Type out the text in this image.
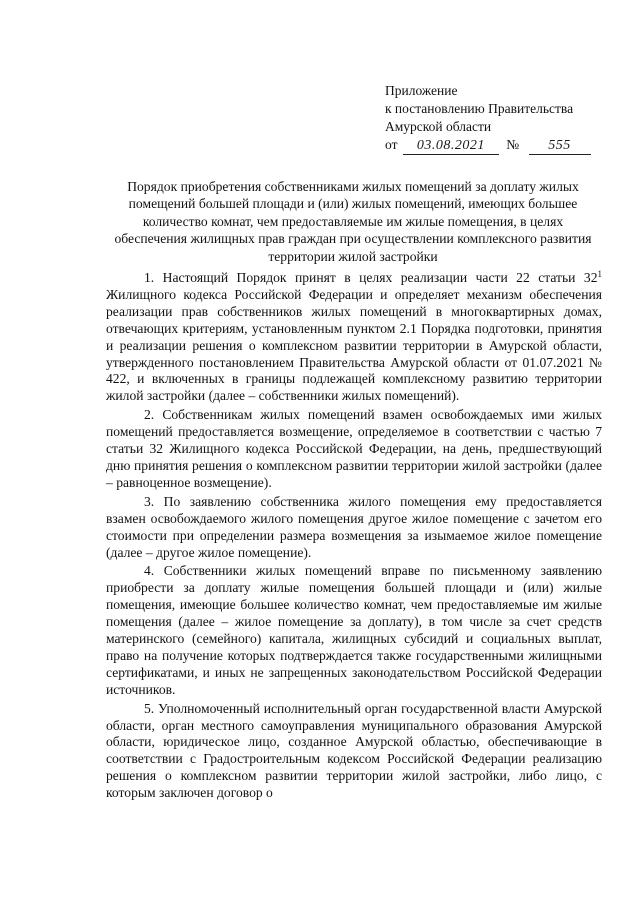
Приложение
к постановлению Правительства
Амурской области
от 03.08.2021 № 555
Порядок приобретения собственниками жилых помещений за доплату жилых помещений большей площади и (или) жилых помещений, имеющих большее количество комнат, чем предоставляемые им жилые помещения, в целях обеспечения жилищных прав граждан при осуществлении комплексного развития территории жилой застройки

1. Настоящий Порядок принят в целях реализации части 22 статьи $32^1$ Жилищного кодекса Российской Федерации и определяет механизм обеспечения реализации прав собственников жилых помещений в многоквартирных домах, отвечающих критериям, установленным пунктом 2.1 Порядка подготовки, принятия и реализации решения о комплексном развитии территории в Амурской области, утвержденного постановлением Правительства Амурской области от 01.07.2021 № 422, и включенных в границы подлежащей комплексному развитию территории жилой застройки (далее – собственники жилых помещений).

2. Собственникам жилых помещений взамен освобождаемых ими жилых помещений предоставляется возмещение, определяемое в соответствии с частью 7 статьи 32 Жилищного кодекса Российской Федерации, на день, предшествующий дню принятия решения о комплексном развитии территории жилой застройки (далее – равноценное возмещение).

3. По заявлению собственника жилого помещения ему предоставляется взамен освобождаемого жилого помещения другое жилое помещение с зачетом его стоимости при определении размера возмещения за изымаемое жилое помещение (далее – другое жилое помещение).

4. Собственники жилых помещений вправе по письменному заявлению приобрести за доплату жилые помещения большей площади и (или) жилые помещения, имеющие большее количество комнат, чем предоставляемые им жилые помещения (далее – жилое помещение за доплату), в том числе за счет средств материнского (семейного) капитала, жилищных субсидий и социальных выплат, право на получение которых подтверждается также государственными жилищными сертификатами, и иных не запрещенных законодательством Российской Федерации источников.

5. Уполномоченный исполнительный орган государственной власти Амурской области, орган местного самоуправления муниципального образования Амурской области, юридическое лицо, созданное Амурской областью, обеспечивающие в соответствии с Градостроительным кодексом Российской Федерации реализацию решения о комплексном развитии территории жилой застройки, либо лицо, с которым заключен договор о
